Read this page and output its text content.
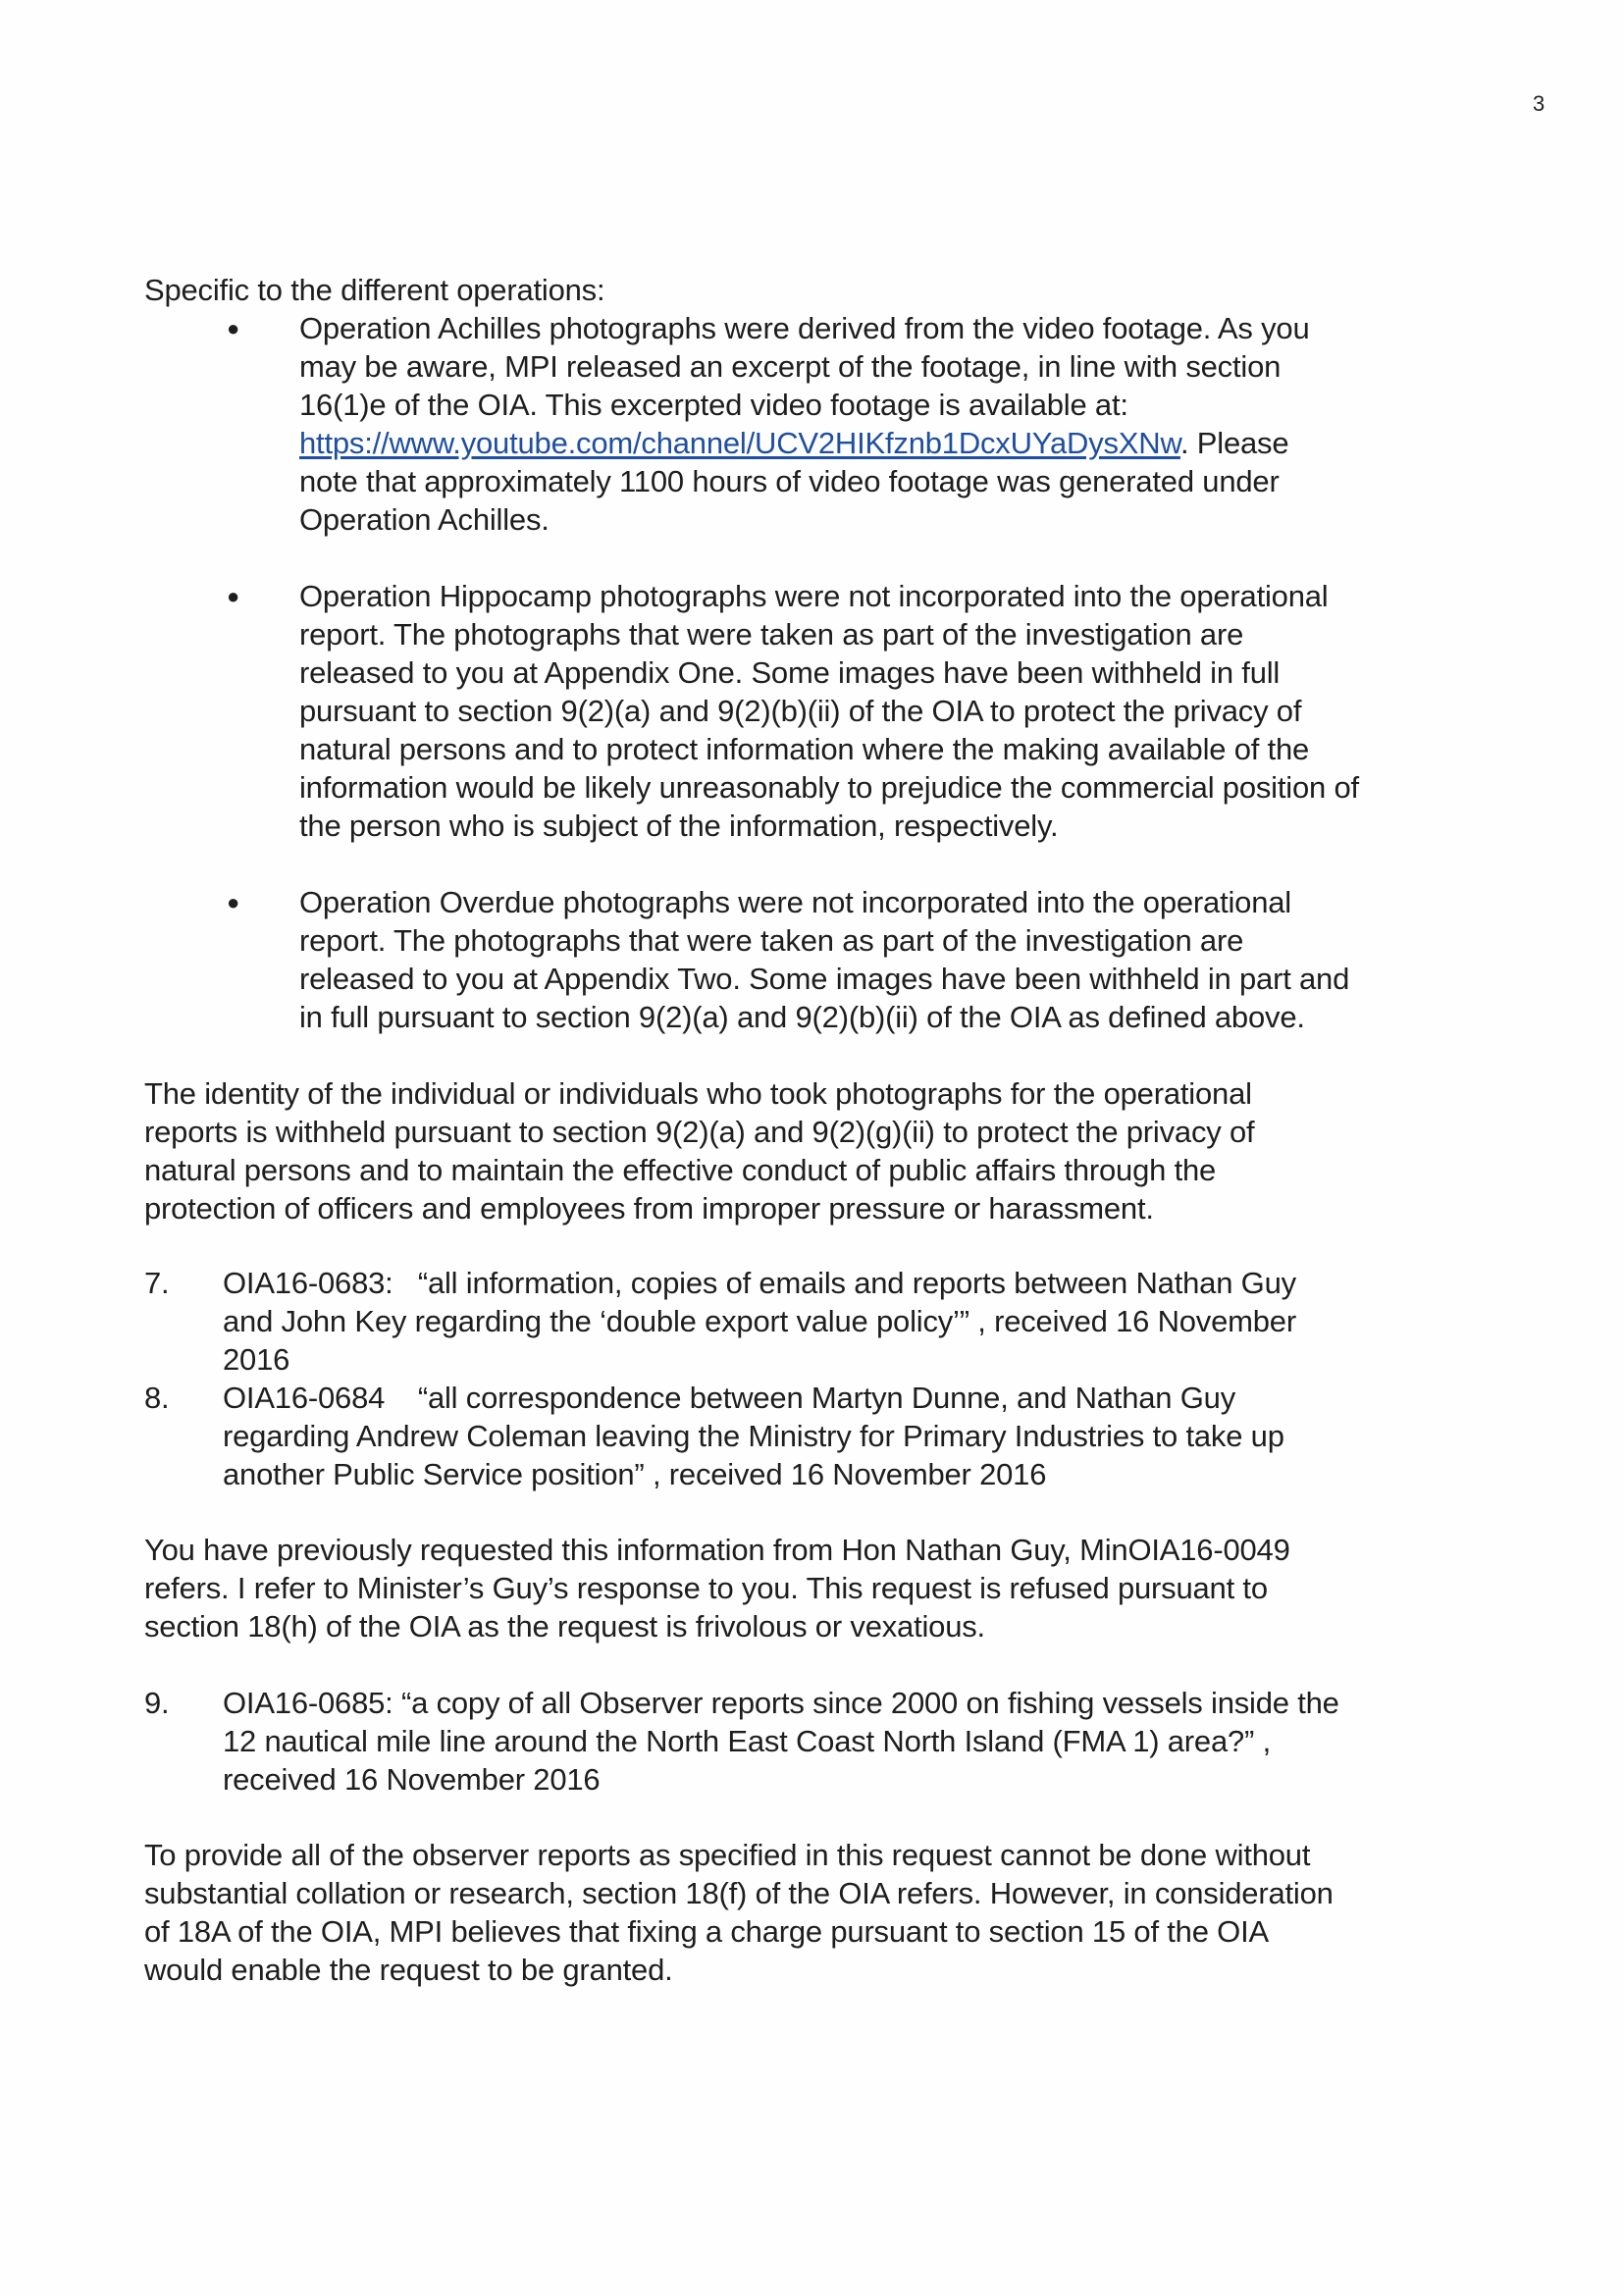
3
Specific to the different operations:
● Operation Achilles photographs were derived from the video footage. As you
may be aware, MPI released an excerpt of the footage, in line with section
16(1)e of the OIA. This excerpted video footage is available at:
https://www.youtube.com/channel/UCV2HIKfznb1DcxUYaDysXNw. Please
note that approximately 1100 hours of video footage was generated under
Operation Achilles.
● Operation Hippocamp photographs were not incorporated into the operational
report. The photographs that were taken as part of the investigation are
released to you at Appendix One. Some images have been withheld in full
pursuant to section 9(2)(a) and 9(2)(b)(ii) of the OIA to protect the privacy of
natural persons and to protect information where the making available of the
information would be likely unreasonably to prejudice the commercial position of
the person who is subject of the information, respectively.
● Operation Overdue photographs were not incorporated into the operational
report. The photographs that were taken as part of the investigation are
released to you at Appendix Two. Some images have been withheld in part and
in full pursuant to section 9(2)(a) and 9(2)(b)(ii) of the OIA as defined above.
The identity of the individual or individuals who took photographs for the operational
reports is withheld pursuant to section 9(2)(a) and 9(2)(g)(ii) to protect the privacy of
natural persons and to maintain the effective conduct of public affairs through the
protection of officers and employees from improper pressure or harassment.
7. OIA16-0683:   “all information, copies of emails and reports between Nathan Guy
and John Key regarding the ‘double export value policy’” , received 16 November
2016
8. OIA16-0684    “all correspondence between Martyn Dunne, and Nathan Guy
regarding Andrew Coleman leaving the Ministry for Primary Industries to take up
another Public Service position” , received 16 November 2016
You have previously requested this information from Hon Nathan Guy, MinOIA16-0049
refers. I refer to Minister’s Guy’s response to you. This request is refused pursuant to
section 18(h) of the OIA as the request is frivolous or vexatious.
9. OIA16-0685: “a copy of all Observer reports since 2000 on fishing vessels inside the
12 nautical mile line around the North East Coast North Island (FMA 1) area?” ,
received 16 November 2016
To provide all of the observer reports as specified in this request cannot be done without
substantial collation or research, section 18(f) of the OIA refers. However, in consideration
of 18A of the OIA, MPI believes that fixing a charge pursuant to section 15 of the OIA
would enable the request to be granted.
